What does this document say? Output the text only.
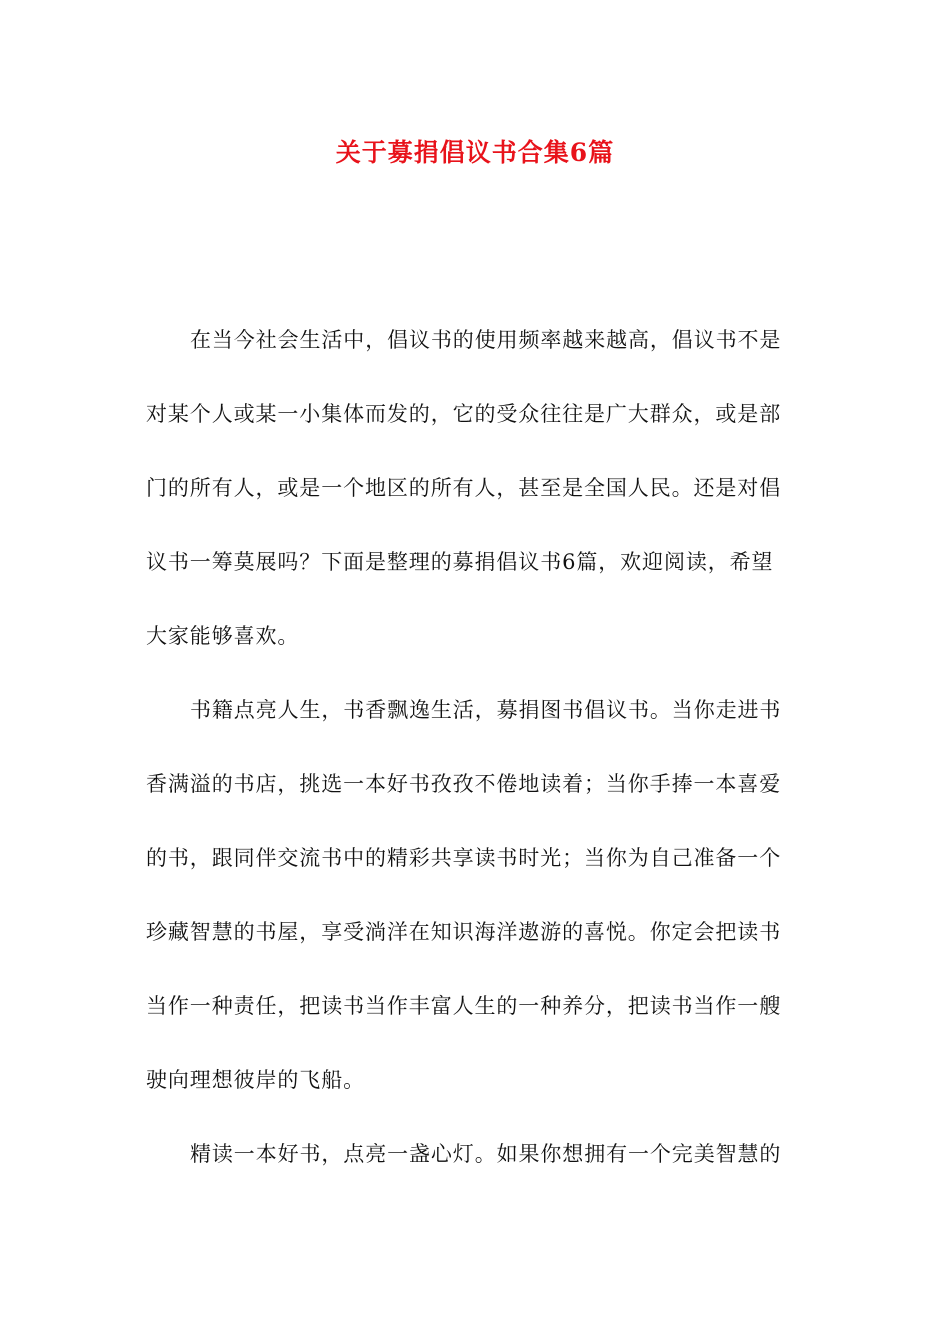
关于募捐倡议书合集6篇
在当今社会生活中，倡议书的使用频率越来越高，倡议书不是
对某个人或某一小集体而发的，它的受众往往是广大群众，或是部
门的所有人，或是一个地区的所有人，甚至是全国人民。还是对倡
议书一筹莫展吗？下面是整理的募捐倡议书6篇，欢迎阅读，希望
大家能够喜欢。
书籍点亮人生，书香飘逸生活，募捐图书倡议书。当你走进书
香满溢的书店，挑选一本好书孜孜不倦地读着；当你手捧一本喜爱
的书，跟同伴交流书中的精彩共享读书时光；当你为自己准备一个
珍藏智慧的书屋，享受淌洋在知识海洋遨游的喜悦。你定会把读书
当作一种责任，把读书当作丰富人生的一种养分，把读书当作一艘
驶向理想彼岸的飞船。
精读一本好书，点亮一盏心灯。如果你想拥有一个完美智慧的
